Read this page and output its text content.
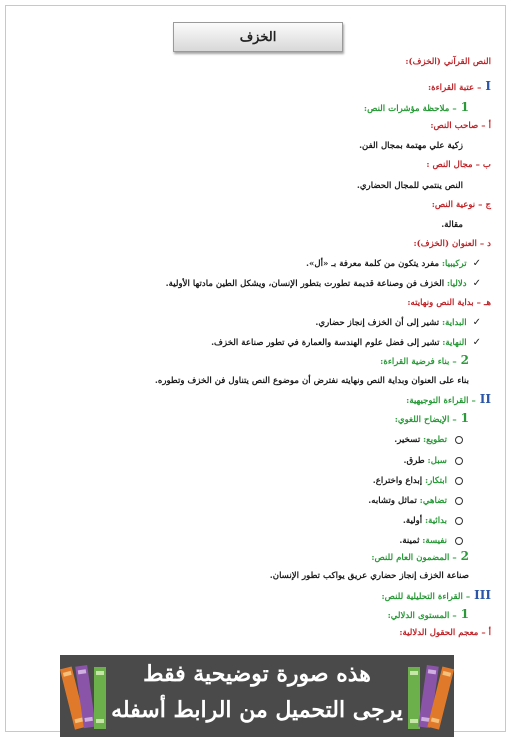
الخزف
النص القرآني (الخزف):
I– عتبة القراءة:
1– ملاحظة مؤشرات النص:
أ – صاحب النص:
زكية علي مهتمة بمجال الفن.
ب – مجال النص :
النص ينتمي للمجال الحضاري.
ج – نوعية النص:
مقالة.
د – العنوان (الخزف):
✓تركيبيا: مفرد يتكون من كلمة معرفة بـ «أل».
✓دلاليا: الخزف فن وصناعة قديمة تطورت بتطور الإنسان، ويشكل الطين مادتها الأولية.
هـ – بداية النص ونهايته:
✓البداية: تشير إلى أن الخزف إنجاز حضاري.
✓النهاية: تشير إلى فضل علوم الهندسة والعمارة في تطور صناعة الخزف.
2– بناء فرضية القراءة:
بناء على العنوان وبداية النص ونهايته نفترض أن موضوع النص يتناول فن الخزف وتطوره.
II– القراءة التوجيهية:
1– الإيضاح اللغوي:
تطويع: تسخير.
سبل: طرق.
ابتكار: إبداع واختراع.
تضاهي: تماثل وتشابه.
بدائية: أولية.
نفيسة: ثمينة.
2– المضمون العام للنص:
صناعة الخزف إنجاز حضاري عريق يواكب تطور الإنسان.
III– القراءة التحليلية للنص:
1– المستوى الدلالي:
أ – معجم الحقول الدلالية:
هذه صورة توضيحية فقط
يرجى التحميل من الرابط أسفله
